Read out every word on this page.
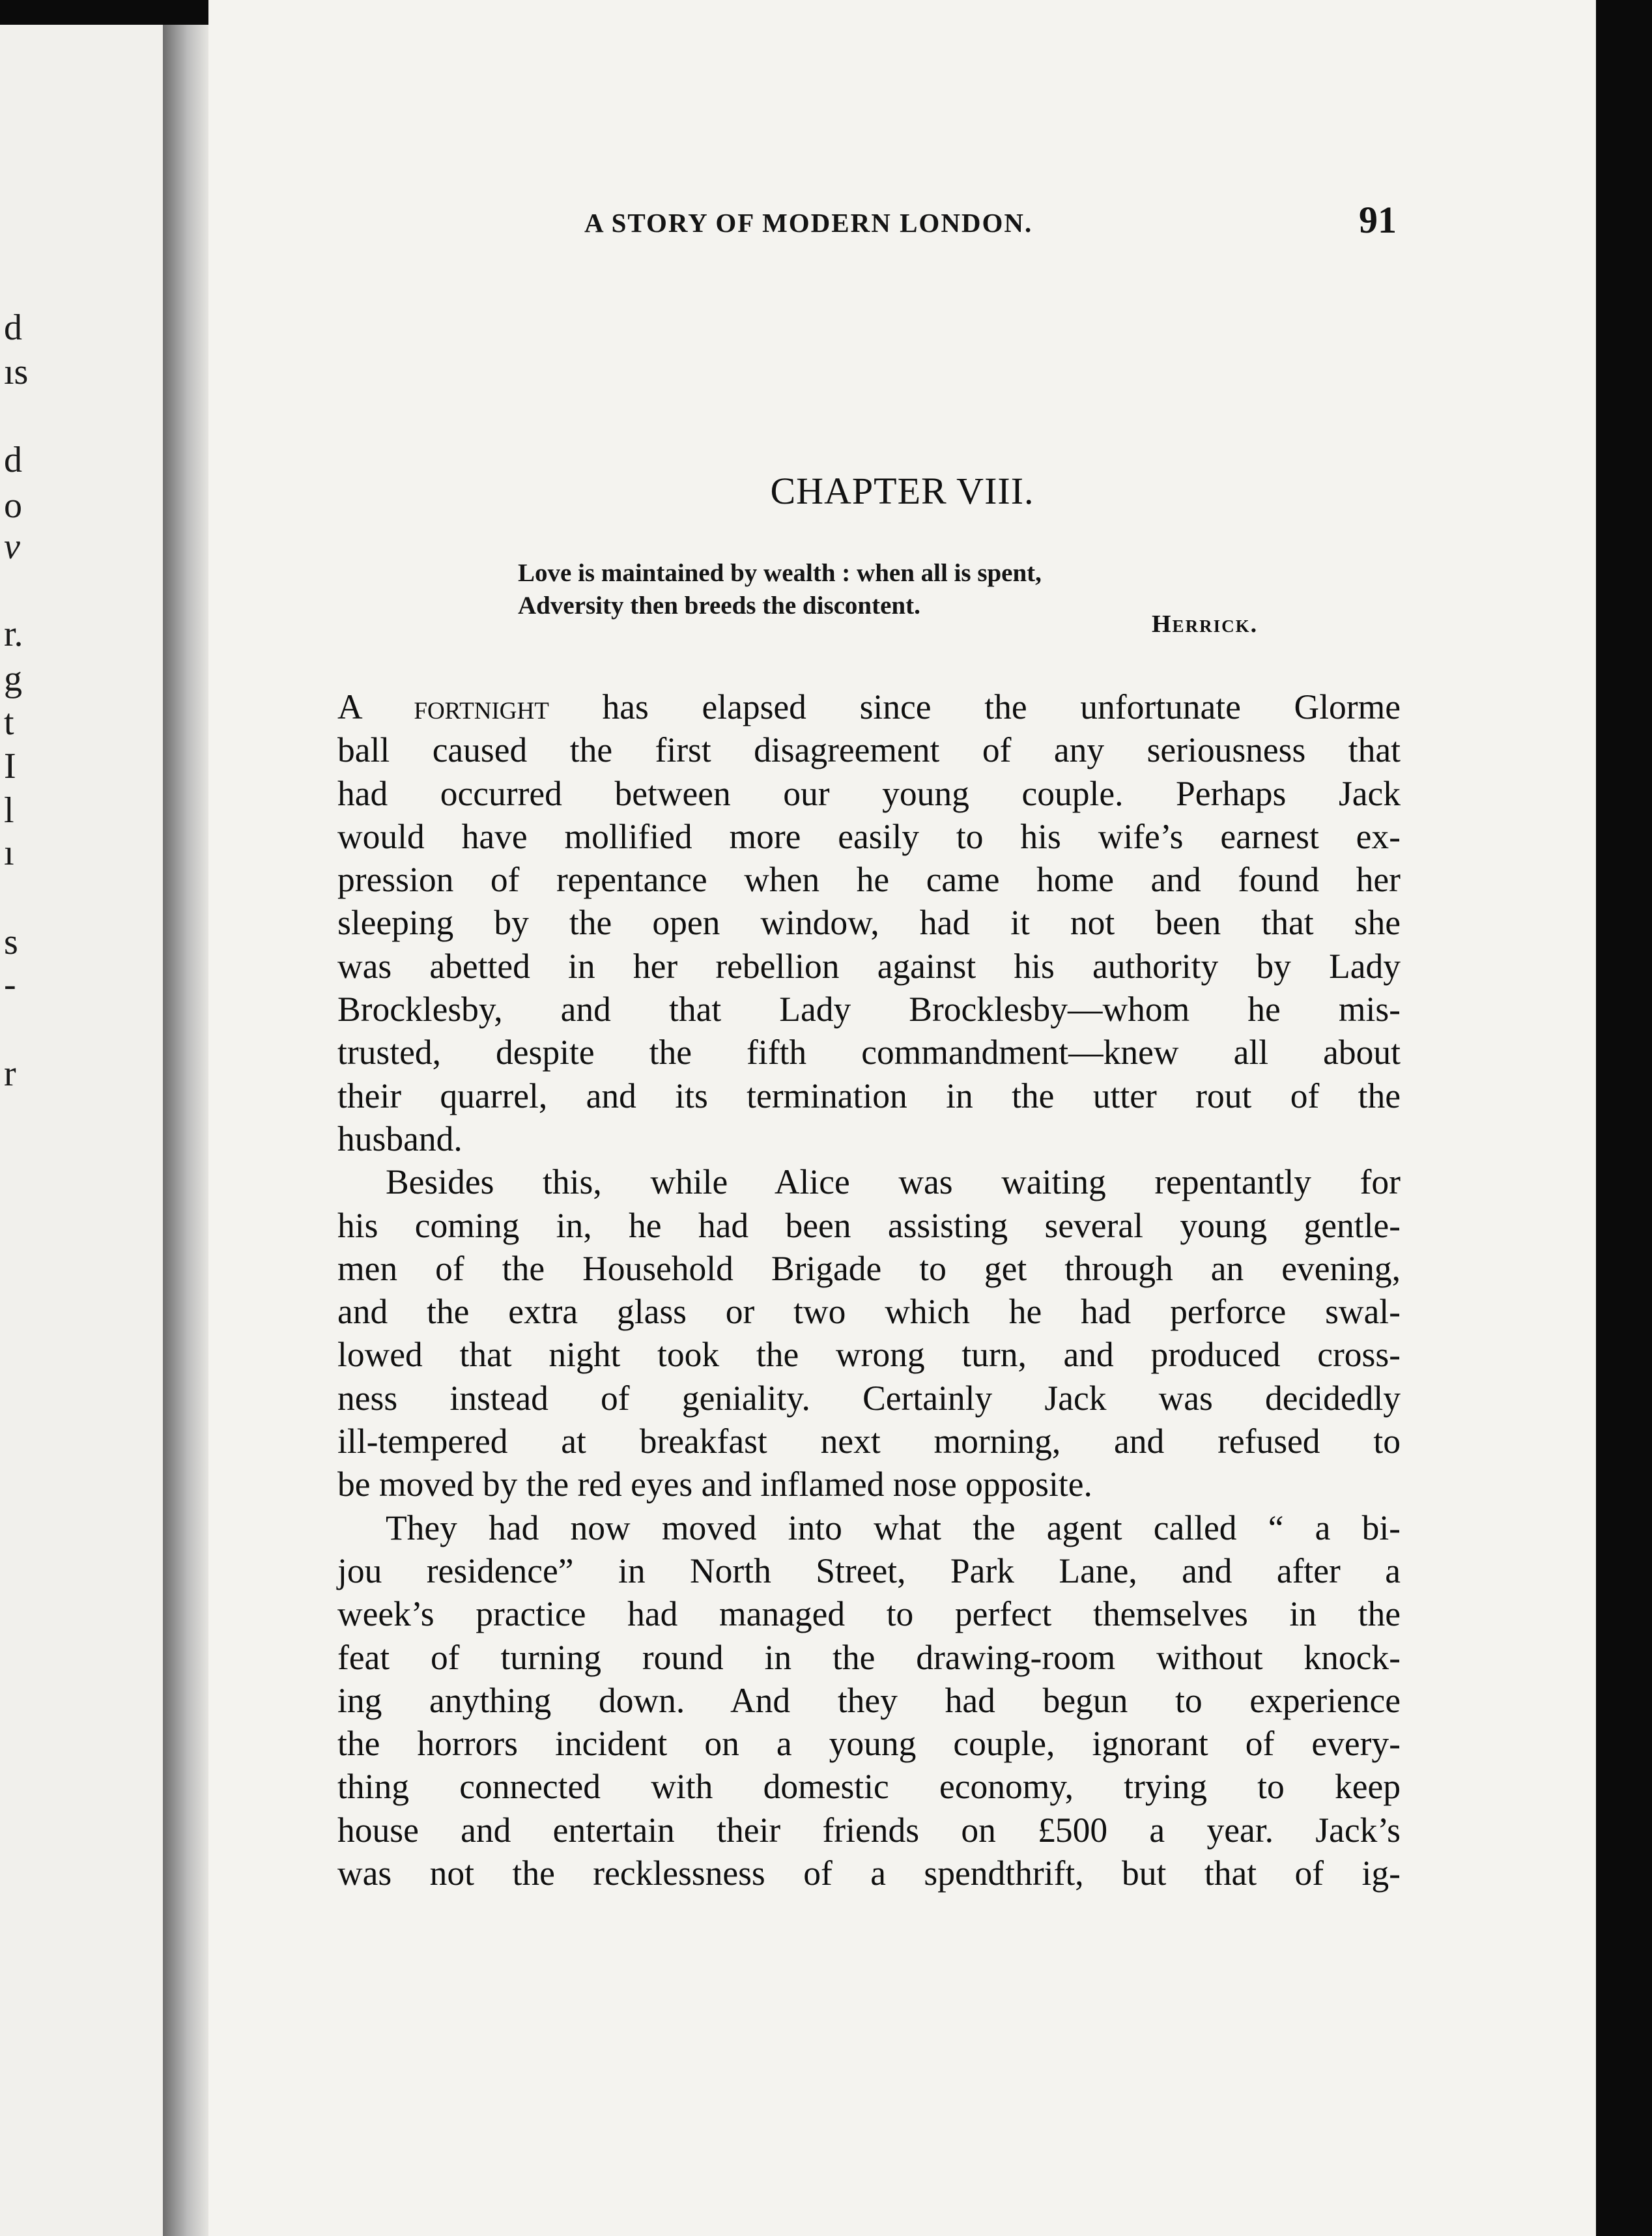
d
ıs
d
o
v
r.
g
t
I
l
ı
s
-
r
A STORY OF MODERN LONDON.	91
CHAPTER VIII.
Love is maintained by wealth : when all is spent,
Adversity then breeds the discontent.
Herrick.
A fortnight has elapsed since the unfortunate Glorme
ball caused the first disagreement of any seriousness that
had occurred between our young couple. Perhaps Jack
would have mollified more easily to his wife’s earnest ex-
pression of repentance when he came home and found her
sleeping by the open window, had it not been that she
was abetted in her rebellion against his authority by Lady
Brocklesby, and that Lady Brocklesby—whom he mis-
trusted, despite the fifth commandment—knew all about
their quarrel, and its termination in the utter rout of the
husband.
Besides this, while Alice was waiting repentantly for
his coming in, he had been assisting several young gentle-
men of the Household Brigade to get through an evening,
and the extra glass or two which he had perforce swal-
lowed that night took the wrong turn, and produced cross-
ness instead of geniality. Certainly Jack was decidedly
ill-tempered at breakfast next morning, and refused to
be moved by the red eyes and inflamed nose opposite.
They had now moved into what the agent called “ a bi-
jou residence” in North Street, Park Lane, and after a
week’s practice had managed to perfect themselves in the
feat of turning round in the drawing-room without knock-
ing anything down. And they had begun to experience
the horrors incident on a young couple, ignorant of every-
thing connected with domestic economy, trying to keep
house and entertain their friends on £500 a year. Jack’s
was not the recklessness of a spendthrift, but that of ig-
